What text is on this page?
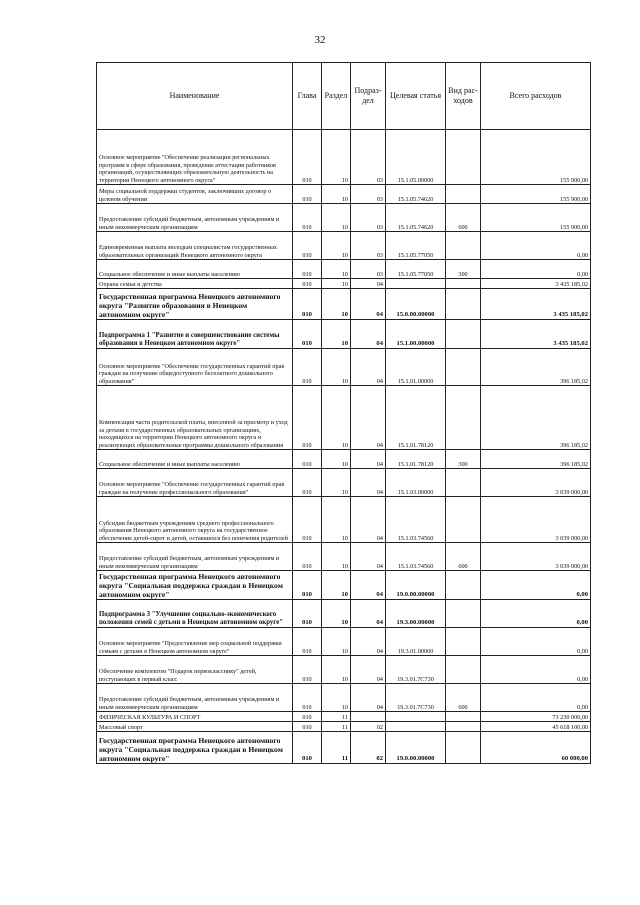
32
Наименование	Глава	Раздел	Подраз-дел	Целевая статья	Вид рас-ходов	Всего расходов
Основное мероприятие "Обеспечение реализации региональных программ в сфере образования, проведение аттестации работников организаций, осуществляющих образовательную деятельность на территории Ненецкого автономного округа"	010	10	03	15.1.05.00000		155 900,00
Меры социальной поддержки студентов, заключивших договор о целевом обучении	010	10	03	15.1.05.74620		155 900,00
Предоставление субсидий бюджетным, автономным учреждениям и иным некоммерческим организациям	010	10	03	15.1.05.74620	600	155 900,00
Единовременная выплата молодым специалистам государственных образовательных организаций Ненецкого автономного округа	010	10	03	15.1.05.77050		0,00
Социальное обеспечение и иные выплаты населению	010	10	03	15.1.05.77050	300	0,00
Охрана семьи и детства	010	10	04			3 435 185,02
Государственная программа Ненецкого автономного округа "Развитие образования в Ненецком автономном округе"	010	10	04	15.0.00.00000		3 435 185,02
Подпрограмма 1 "Развитие и совершенствование системы образования в Ненецком автономном округе"	010	10	04	15.1.00.00000		3 435 185,02
Основное мероприятие "Обеспечение государственных гарантий прав граждан на получение общедоступного бесплатного дошкольного образования"	010	10	04	15.1.01.00000		396 185,02
Компенсация части родительской платы, внесенной за присмотр и уход за детьми в государственных образовательных организациях, находящихся на территории Ненецкого автономного округа и реализующих образовательные программы дошкольного образования	010	10	04	15.1.01.78120		396 185,02
Социальное обеспечение и иные выплаты населению	010	10	04	15.1.01.78120	300	396 185,02
Основное мероприятие "Обеспечение государственных гарантий прав граждан на получение профессионального образования"	010	10	04	15.1.03.00000		3 039 000,00
Субсидии бюджетным учреждениям среднего профессионального образования Ненецкого автономного округа на государственное обеспечение детей-сирот и детей, оставшихся без попечения родителей	010	10	04	15.1.03.74560		3 039 000,00
Предоставление субсидий бюджетным, автономным учреждениям и иным некоммерческим организациям	010	10	04	15.1.03.74560	600	3 039 000,00
Государственная программа Ненецкого автономного округа "Социальная поддержка граждан в Ненецком автономном округе"	010	10	04	19.0.00.00000		0,00
Подпрограмма 3 "Улучшение социально-экономического положения семей с детьми в Ненецком автономном округе"	010	10	04	19.3.00.00000		0,00
Основное мероприятие "Предоставление мер социальной поддержки семьям с детьми в Ненецком автономном округе"	010	10	04	19.3.01.00000		0,00
Обеспечение комплектом "Подарок первокласснику" детей, поступающих в первый класс	010	10	04	19.3.01.7C730		0,00
Предоставление субсидий бюджетным, автономным учреждениям и иным некоммерческим организациям	010	10	04	19.3.01.7C730	600	0,00
ФИЗИЧЕСКАЯ КУЛЬТУРА И СПОРТ	010	11				73 230 000,00
Массовый спорт	010	11	02			45 618 100,00
Государственная программа Ненецкого автономного округа "Социальная поддержка граждан в Ненецком автономном округе"	010	11	02	19.0.00.00000		60 000,00
